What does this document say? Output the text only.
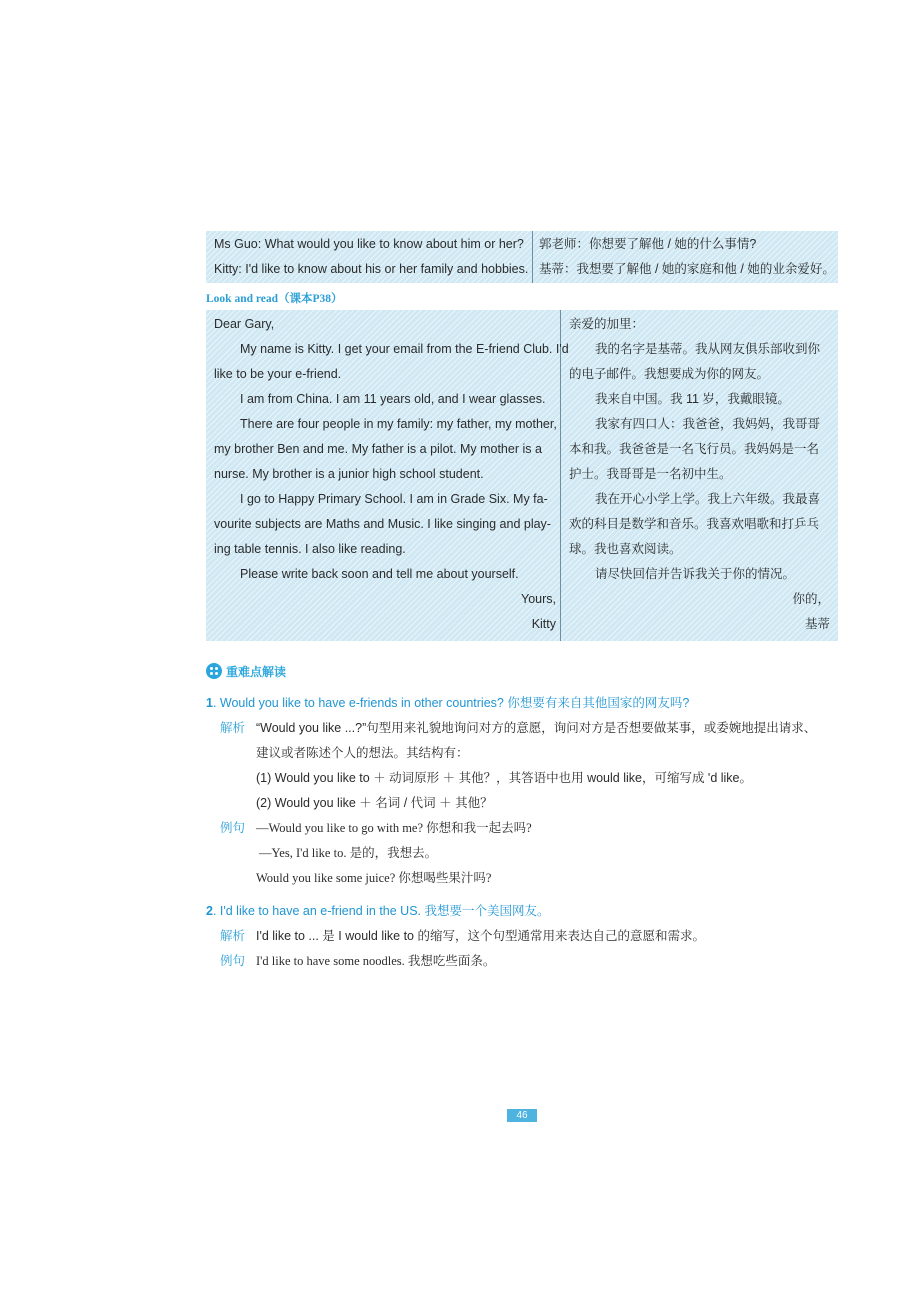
Ms Guo: What would you like to know about him or her?
Kitty: I'd like to know about his or her family and hobbies.
郭老师：你想要了解他 / 她的什么事情?
基蒂：我想要了解他 / 她的家庭和他 / 她的业余爱好。
Look and read（课本P38）
Dear Gary,
My name is Kitty. I get your email from the E-friend Club. I'd
like to be your e-friend.
I am from China. I am 11 years old, and I wear glasses.
There are four people in my family: my father, my mother,
my brother Ben and me. My father is a pilot. My mother is a
nurse. My brother is a junior high school student.
I go to Happy Primary School. I am in Grade Six. My fa-
vourite subjects are Maths and Music. I like singing and play-
ing table tennis. I also like reading.
Please write back soon and tell me about yourself.
Yours,
Kitty
亲爱的加里：
我的名字是基蒂。我从网友俱乐部收到你
的电子邮件。我想要成为你的网友。
我来自中国。我 11 岁，我戴眼镜。
我家有四口人：我爸爸，我妈妈，我哥哥
本和我。我爸爸是一名飞行员。我妈妈是一名
护士。我哥哥是一名初中生。
我在开心小学上学。我上六年级。我最喜
欢的科目是数学和音乐。我喜欢唱歌和打乒乓
球。我也喜欢阅读。
请尽快回信并告诉我关于你的情况。
你的，
基蒂
重难点解读
1. Would you like to have e-friends in other countries? 你想要有来自其他国家的网友吗?
解析 “Would you like ...?”句型用来礼貌地询问对方的意愿，询问对方是否想要做某事，或委婉地提出请求、
建议或者陈述个人的想法。其结构有：
(1) Would you like to ＋ 动词原形 ＋ 其他？，其答语中也用 would like，可缩写成 'd like。
(2) Would you like ＋ 名词 / 代词 ＋ 其他？
例句 —Would you like to go with me? 你想和我一起去吗?
—Yes, I'd like to. 是的，我想去。
Would you like some juice? 你想喝些果汁吗?
2. I'd like to have an e-friend in the US. 我想要一个美国网友。
解析 I'd like to ... 是 I would like to 的缩写，这个句型通常用来表达自己的意愿和需求。
例句 I'd like to have some noodles. 我想吃些面条。
46
